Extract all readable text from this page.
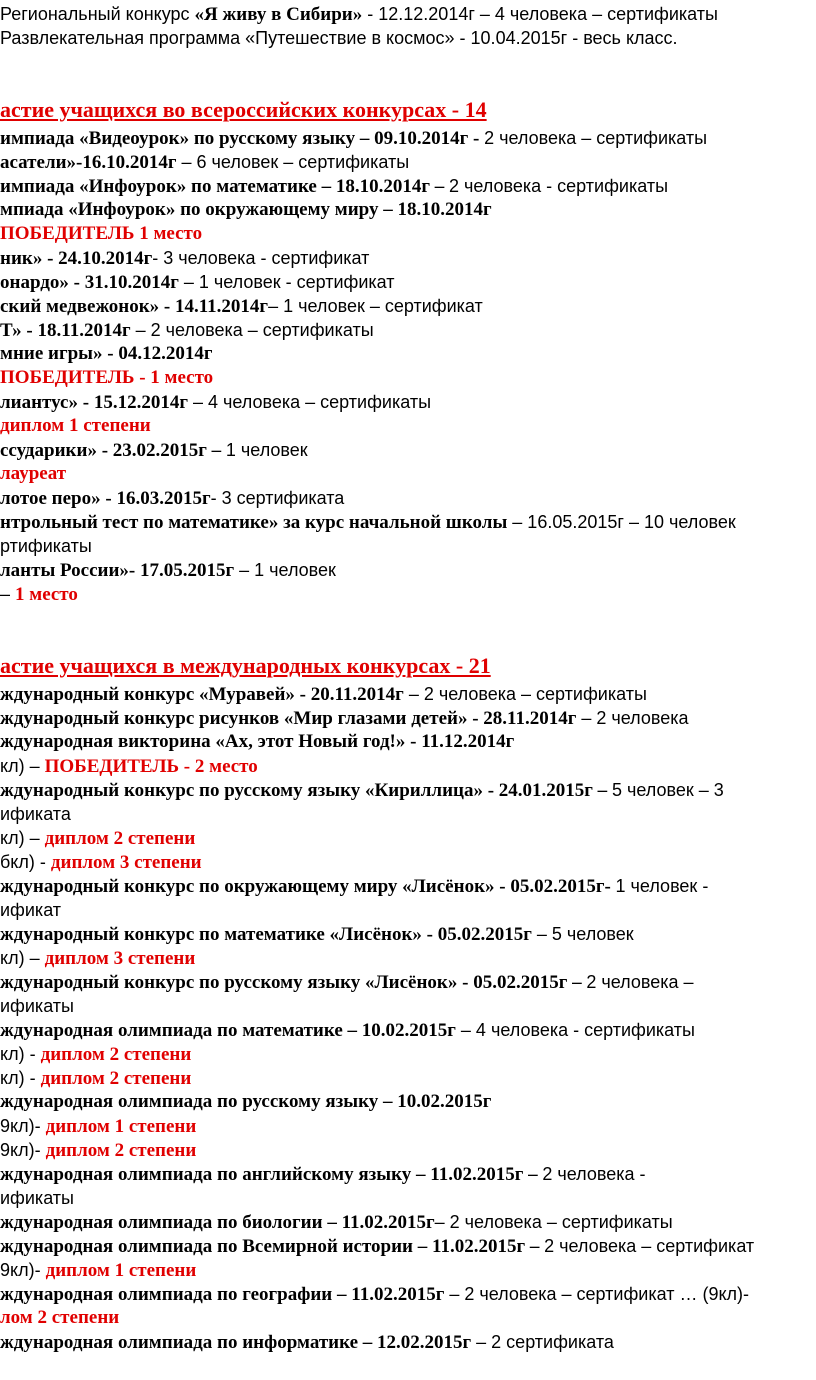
Региональный конкурс «Я живу в Сибири» - 12.12.2014г – 4 человека – сертификаты
Развлекательная программа «Путешествие в космос» - 10.04.2015г - весь класс.
астие учащихся во всероссийских конкурсах - 14
импиада «Видеоурок» по русскому языку – 09.10.2014г - 2 человека – сертификаты
асатели»-16.10.2014г – 6 человек – сертификаты
импиада «Инфоурок» по математике – 18.10.2014г – 2 человека - сертификаты
мпиада «Инфоурок» по окружающему миру – 18.10.2014г
ПОБЕДИТЕЛЬ 1 место
ник» - 24.10.2014г- 3 человека - сертификат
онардо» - 31.10.2014г – 1 человек - сертификат
ский медвежонок» - 14.11.2014г– 1 человек – сертификат
Т» - 18.11.2014г – 2 человека – сертификаты
мние игры» - 04.12.2014г
ПОБЕДИТЕЛЬ - 1 место
лиантус» - 15.12.2014г – 4 человека – сертификаты
диплом 1 степени
ссударики» - 23.02.2015г – 1 человек
лауреат
лотое перо» - 16.03.2015г- 3 сертификата
нтрольный тест по математике» за курс начальной школы – 16.05.2015г – 10 человек
ртификаты
ланты России»- 17.05.2015г – 1 человек
– 1 место
астие учащихся в международных конкурсах - 21
ждународный конкурс «Муравей» - 20.11.2014г – 2 человека – сертификаты
ждународный конкурс рисунков «Мир глазами детей» - 28.11.2014г – 2 человека
ждународная викторина «Ах, этот Новый год!» - 11.12.2014г
кл) – ПОБЕДИТЕЛЬ - 2 место
ждународный конкурс по русскому языку «Кириллица» - 24.01.2015г – 5 человек – 3
ификата
кл) – диплом 2 степени
бкл) - диплом 3 степени
ждународный конкурс по окружающему миру «Лисёнок» - 05.02.2015г- 1 человек -
ификат
ждународный конкурс по математике «Лисёнок» - 05.02.2015г – 5 человек
кл) – диплом 3 степени
ждународный конкурс по русскому языку «Лисёнок» - 05.02.2015г – 2 человека –
ификаты
ждународная олимпиада по математике – 10.02.2015г – 4 человека - сертификаты
кл) - диплом 2 степени
кл) - диплом 2 степени
ждународная олимпиада по русскому языку – 10.02.2015г
9кл)- диплом 1 степени
9кл)- диплом 2 степени
ждународная олимпиада по английскому языку – 11.02.2015г – 2 человека -
ификаты
ждународная олимпиада по биологии – 11.02.2015г– 2 человека – сертификаты
ждународная олимпиада по Всемирной истории – 11.02.2015г – 2 человека – сертификат
9кл)- диплом 1 степени
ждународная олимпиада по географии – 11.02.2015г – 2 человека – сертификат … (9кл)-
лом 2 степени
ждународная олимпиада по информатике – 12.02.2015г – 2 сертификата
